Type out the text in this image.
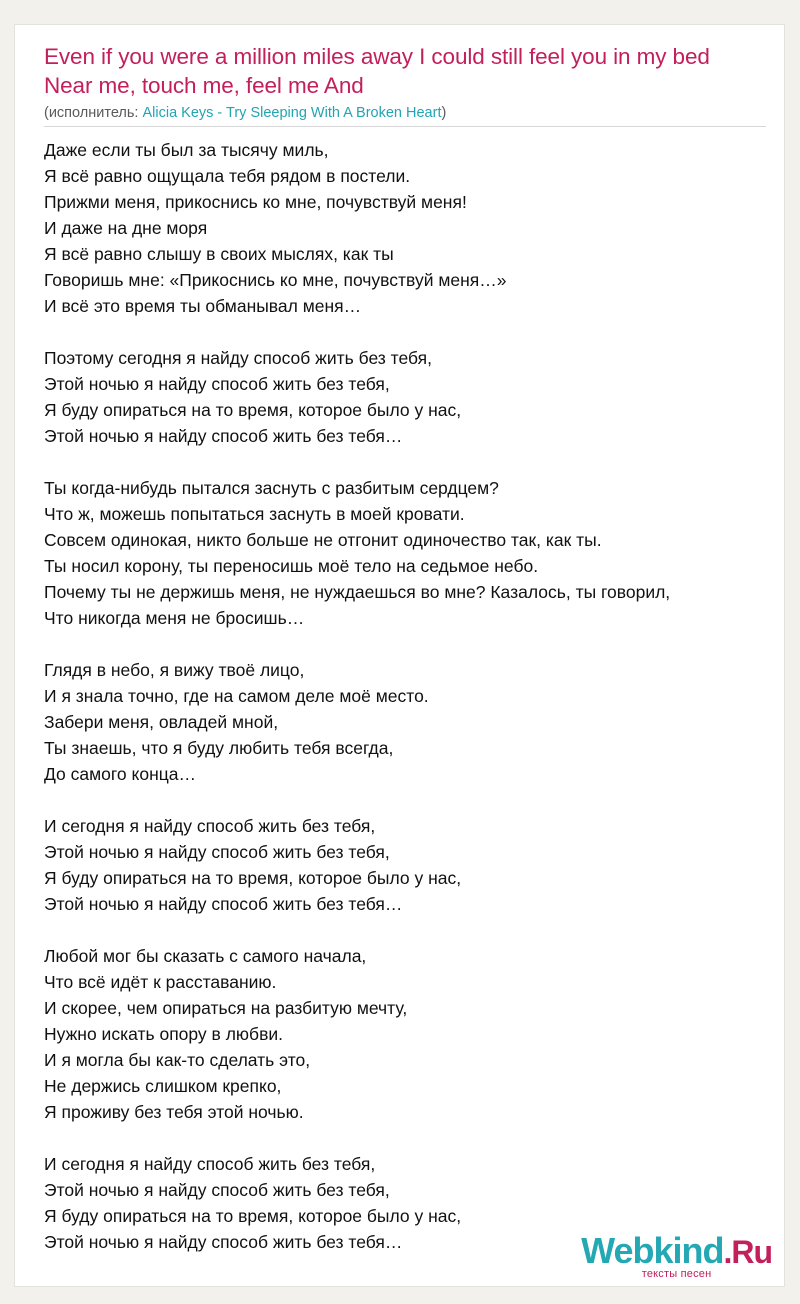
Even if you were a million miles away I could still feel you in my bed
Near me, touch me, feel me And
(исполнитель: Alicia Keys - Try Sleeping With A Broken Heart)
Даже если ты был за тысячу миль,
Я всё равно ощущала тебя рядом в постели.
Прижми меня, прикоснись ко мне, почувствуй меня!
И даже на дне моря
Я всё равно слышу в своих мыслях, как ты
Говоришь мне: «Прикоснись ко мне, почувствуй меня…»
И всё это время ты обманывал меня…
Поэтому сегодня я найду способ жить без тебя,
Этой ночью я найду способ жить без тебя,
Я буду опираться на то время, которое было у нас,
Этой ночью я найду способ жить без тебя…
Ты когда-нибудь пытался заснуть с разбитым сердцем?
Что ж, можешь попытаться заснуть в моей кровати.
Совсем одинокая, никто больше не отгонит одиночество так, как ты.
Ты носил корону, ты переносишь моё тело на седьмое небо.
Почему ты не держишь меня, не нуждаешься во мне? Казалось, ты говорил,
Что никогда меня не бросишь…
Глядя в небо, я вижу твоё лицо,
И я знала точно, где на самом деле моё место.
Забери меня, овладей мной,
Ты знаешь, что я буду любить тебя всегда,
До самого конца…
И сегодня я найду способ жить без тебя,
Этой ночью я найду способ жить без тебя,
Я буду опираться на то время, которое было у нас,
Этой ночью я найду способ жить без тебя…
Любой мог бы сказать с самого начала,
Что всё идёт к расставанию.
И скорее, чем опираться на разбитую мечту,
Нужно искать опору в любви.
И я могла бы как-то сделать это,
Не держись слишком крепко,
Я проживу без тебя этой ночью.
И сегодня я найду способ жить без тебя,
Этой ночью я найду способ жить без тебя,
Я буду опираться на то время, которое было у нас,
Этой ночью я найду способ жить без тебя…	Webkind.Ru
тексты песен
